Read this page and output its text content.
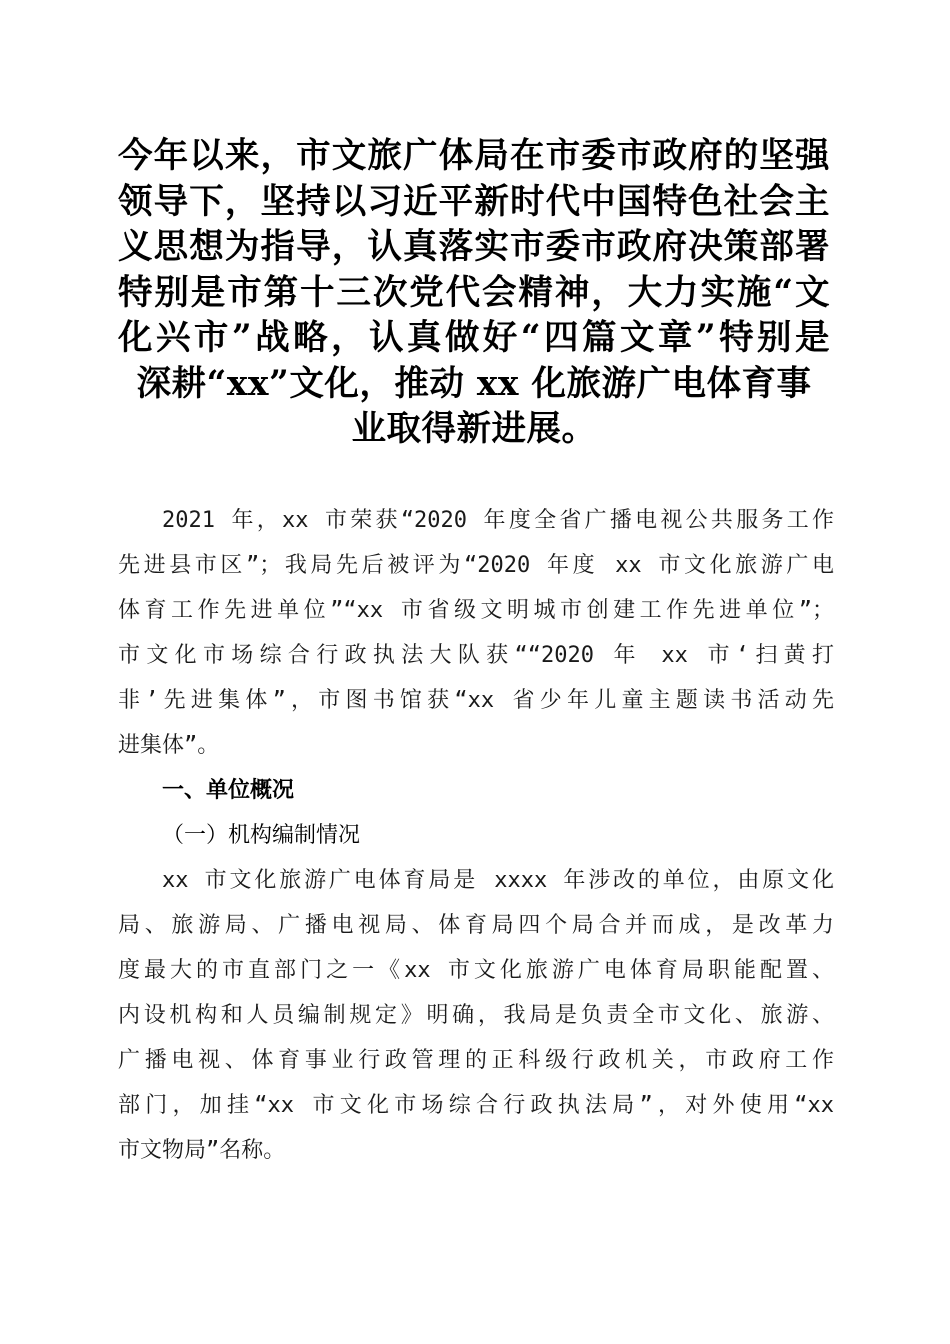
今年以来，市文旅广体局在市委市政府的坚强
领导下，坚持以习近平新时代中国特色社会主
义思想为指导，认真落实市委市政府决策部署
特别是市第十三次党代会精神，大力实施“文
化兴市”战略，认真做好“四篇文章”特别是
深耕“xx”文化，推动 xx 化旅游广电体育事
业取得新进展。
2021 年，xx 市荣获“2020 年度全省广播电视公共服务工作
先进县市区”；我局先后被评为“2020 年度 xx 市文化旅游广电
体育工作先进单位”“xx 市省级文明城市创建工作先进单位”；
市文化市场综合行政执法大队获““2020 年 xx 市‘扫黄打
非’先进集体”，市图书馆获“xx 省少年儿童主题读书活动先
进集体”。
一、单位概况
（一）机构编制情况
xx 市文化旅游广电体育局是 xxxx 年涉改的单位，由原文化
局、旅游局、广播电视局、体育局四个局合并而成，是改革力
度最大的市直部门之一《xx 市文化旅游广电体育局职能配置、
内设机构和人员编制规定》明确，我局是负责全市文化、旅游、
广播电视、体育事业行政管理的正科级行政机关，市政府工作
部门，加挂“xx 市文化市场综合行政执法局”，对外使用“xx
市文物局”名称。
